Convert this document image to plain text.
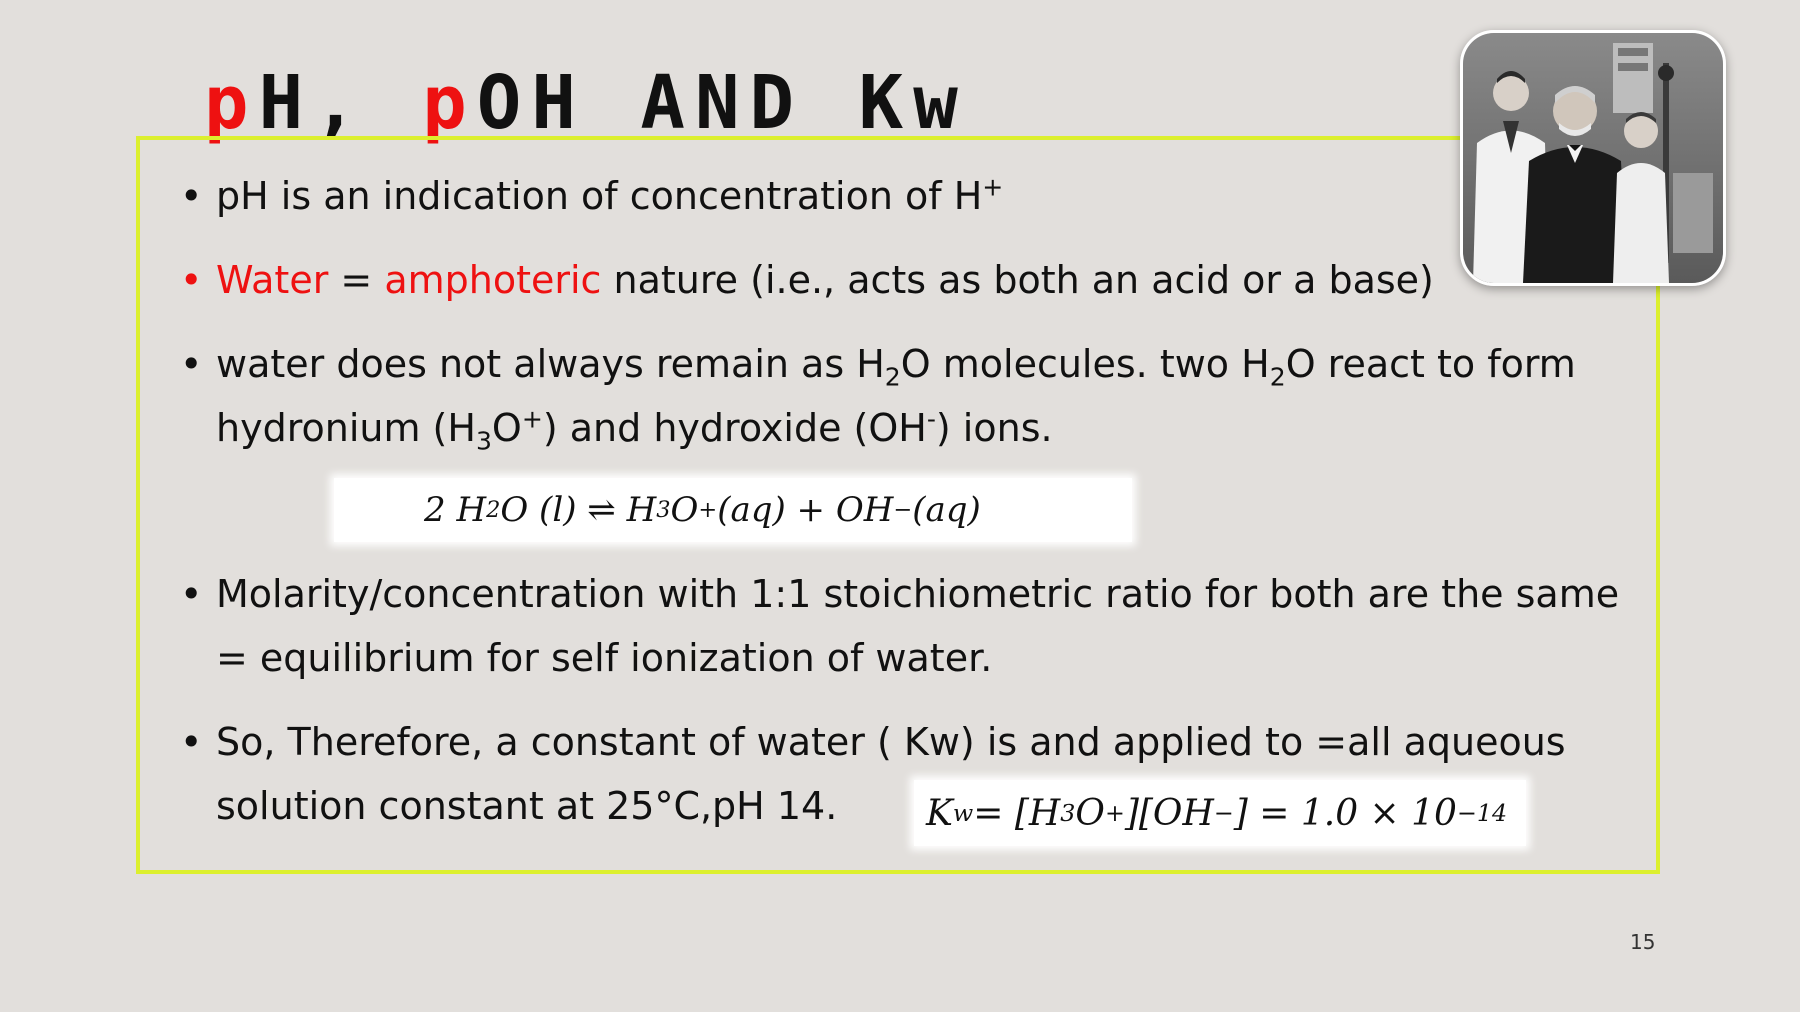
pH, pOH AND Kw
• pH is an indication of concentration of H+
• Water = amphoteric nature (i.e., acts as both an acid or a base)
• water does not always remain as $H_2O$ molecules. two $H_2O$ react to form
hydronium $(H_3O^+)$ and hydroxide (OH-) ions.
2 H 2 O (l) ⇌ H 3 O + (aq) + OH − (aq)
• Molarity/concentration with 1:1 stoichiometric ratio for both are the same
= equilibrium for self ionization of water.
• So, Therefore, a constant of water ( Kw) is and applied to =all aqueous
solution constant at 25°C,pH 14.	K w = [H 3 O + ][OH − ] = 1.0 × 10 −14
15
